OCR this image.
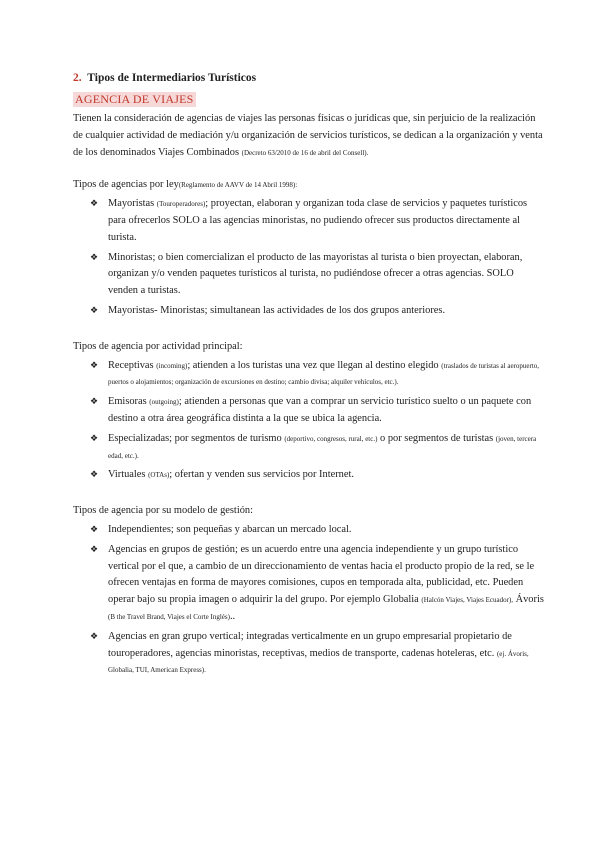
2. Tipos de Intermediarios Turísticos
AGENCIA DE VIAJES

Tienen la consideración de agencias de viajes las personas físicas o jurídicas que, sin perjuicio de la realización de cualquier actividad de mediación y/u organización de servicios turísticos, se dedican a la organización y venta de los denominados Viajes Combinados (Decreto 63/2010 de 16 de abril del Consell).

Tipos de agencias por ley(Reglamento de AAVV de 14 Abril 1998):

❖ Mayoristas (Touroperadores); proyectan, elaboran y organizan toda clase de servicios y paquetes turísticos para ofrecerlos SOLO a las agencias minoristas, no pudiendo ofrecer sus productos directamente al turista.
❖ Minoristas; o bien comercializan el producto de las mayoristas al turista o bien proyectan, elaboran, organizan y/o venden paquetes turísticos al turista, no pudiéndose ofrecer a otras agencias. SOLO venden a turistas.
❖ Mayoristas- Minoristas; simultanean las actividades de los dos grupos anteriores.

Tipos de agencia por actividad principal:

❖ Receptivas (incoming); atienden a los turistas una vez que llegan al destino elegido (traslados de turistas al aeropuerto, puertos o alojamientos; organización de excursiones en destino; cambio divisa; alquiler vehículos, etc.).
❖ Emisoras (outgoing); atienden a personas que van a comprar un servicio turístico suelto o un paquete con destino a otra área geográfica distinta a la que se ubica la agencia.
❖ Especializadas; por segmentos de turismo (deportivo, congresos, rural, etc.) o por segmentos de turistas (joven, tercera edad, etc.).
❖ Virtuales (OTAs); ofertan y venden sus servicios por Internet.

Tipos de agencia por su modelo de gestión:

❖ Independientes; son pequeñas y abarcan un mercado local.
❖ Agencias en grupos de gestión; es un acuerdo entre una agencia independiente y un grupo turístico vertical por el que, a cambio de un direccionamiento de ventas hacia el producto propio de la red, se le ofrecen ventajas en forma de mayores comisiones, cupos en temporada alta, publicidad, etc. Pueden operar bajo su propia imagen o adquirir la del grupo. Por ejemplo Globalia (Halcón Viajes, Viajes Ecuador), Ávoris (B the Travel Brand, Viajes el Corte Inglés)..
❖ Agencias en gran grupo vertical; integradas verticalmente en un grupo empresarial propietario de touroperadores, agencias minoristas, receptivas, medios de transporte, cadenas hoteleras, etc. (ej. Ávoris, Globalia, TUI, American Express).
